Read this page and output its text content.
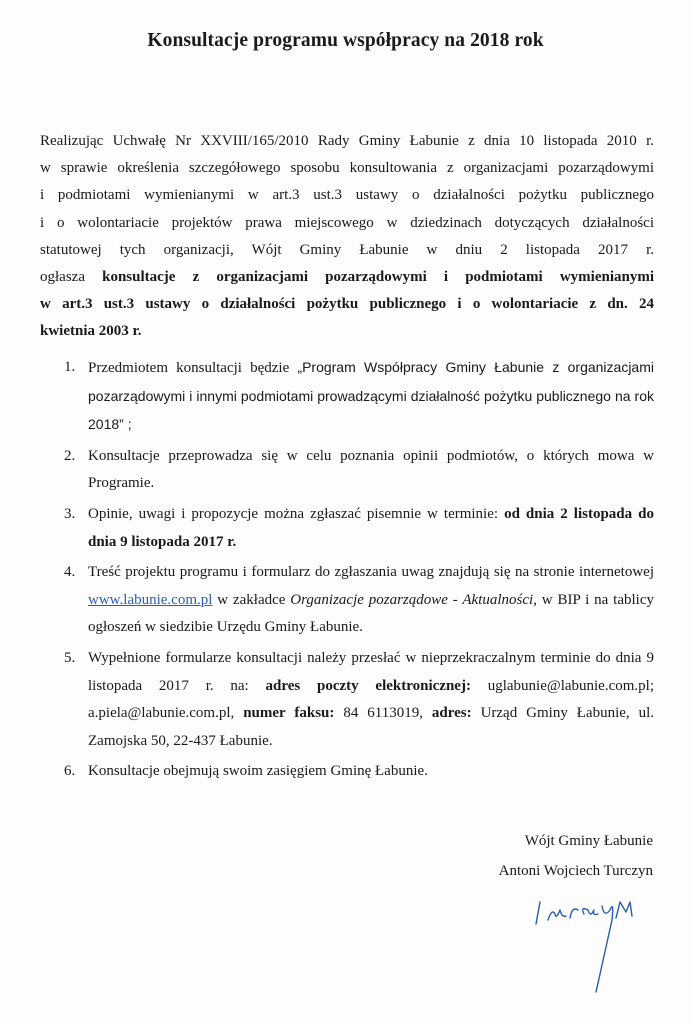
Konsultacje programu współpracy na 2018 rok
Realizując Uchwałę Nr XXVIII/165/2010 Rady Gminy Łabunie z dnia 10 listopada 2010 r.
w sprawie określenia szczegółowego sposobu konsultowania z organizacjami pozarządowymi
i podmiotami wymienianymi w art.3 ust.3 ustawy o działalności pożytku publicznego
i o wolontariacie projektów prawa miejscowego w dziedzinach dotyczących działalności
statutowej tych organizacji, Wójt Gminy Łabunie w dniu 2 listopada 2017 r.
ogłasza konsultacje z organizacjami pozarządowymi i podmiotami wymienianymi
w art.3 ust.3 ustawy o działalności pożytku publicznego i o wolontariacie z dn. 24
kwietnia 2003 r.
1. Przedmiotem konsultacji będzie „Program Współpracy Gminy Łabunie z organizacjami pozarządowymi i innymi podmiotami prowadzącymi działalność pożytku publicznego na rok 2018” ;
2. Konsultacje przeprowadza się w celu poznania opinii podmiotów, o których mowa w Programie.
3. Opinie, uwagi i propozycje można zgłaszać pisemnie w terminie: od dnia 2 listopada do dnia 9 listopada 2017 r.
4. Treść projektu programu i formularz do zgłaszania uwag znajdują się na stronie internetowej www.labunie.com.pl w zakładce Organizacje pozarządowe - Aktualności, w BIP i na tablicy ogłoszeń w siedzibie Urzędu Gminy Łabunie.
5. Wypełnione formularze konsultacji należy przesłać w nieprzekraczalnym terminie do dnia 9 listopada 2017 r. na: adres poczty elektronicznej: uglabunie@labunie.com.pl; a.piela@labunie.com.pl, numer faksu: 84 6113019, adres: Urząd Gminy Łabunie, ul. Zamojska 50, 22-437 Łabunie.
6. Konsultacje obejmują swoim zasięgiem Gminę Łabunie.
Wójt Gminy Łabunie
Antoni Wojciech Turczyn
